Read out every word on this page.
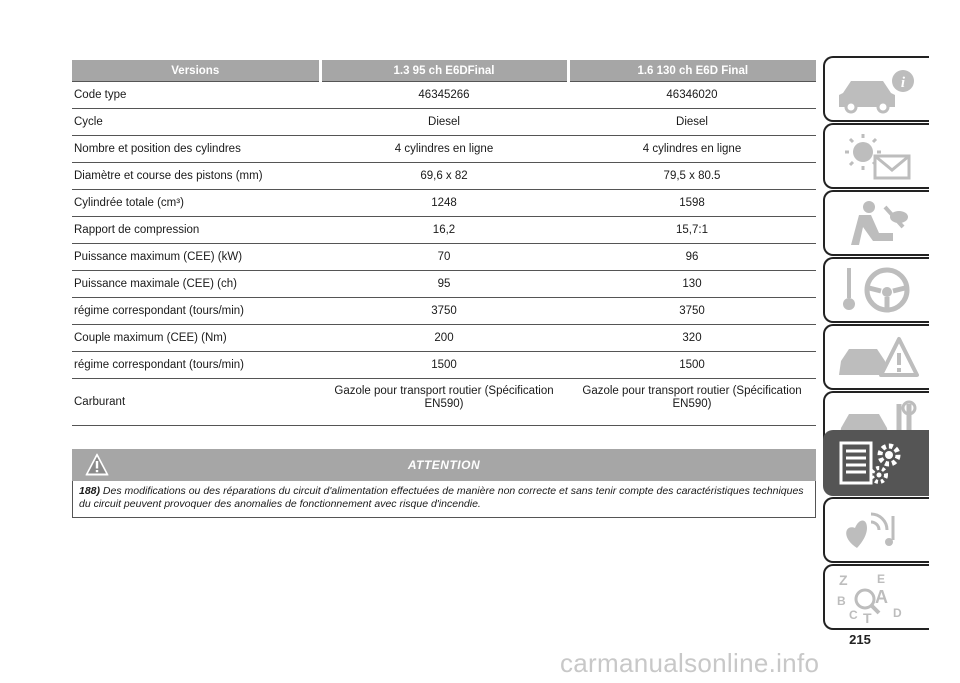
Versions	1.3 95 ch E6DFinal	1.6 130 ch E6D Final
Code type	46345266	46346020
Cycle	Diesel	Diesel
Nombre et position des cylindres	4 cylindres en ligne	4 cylindres en ligne
Diamètre et course des pistons (mm)	69,6 x 82	79,5 x 80.5
Cylindrée totale (cm³)	1248	1598
Rapport de compression	16,2	15,7:1
Puissance maximum (CEE) (kW)	70	96
Puissance maximale (CEE) (ch)	95	130
régime correspondant (tours/min)	3750	3750
Couple maximum (CEE) (Nm)	200	320
régime correspondant (tours/min)	1500	1500
Carburant	Gazole pour transport routier (Spécification EN590)	Gazole pour transport routier (Spécification EN590)
ATTENTION
188) Des modifications ou des réparations du circuit d'alimentation effectuées de manière non correcte et sans tenir compte des caractéristiques techniques du circuit peuvent provoquer des anomalies de fonctionnement avec risque d'incendie.
i
Z E
B A
C T D
215
carmanualsonline.info
